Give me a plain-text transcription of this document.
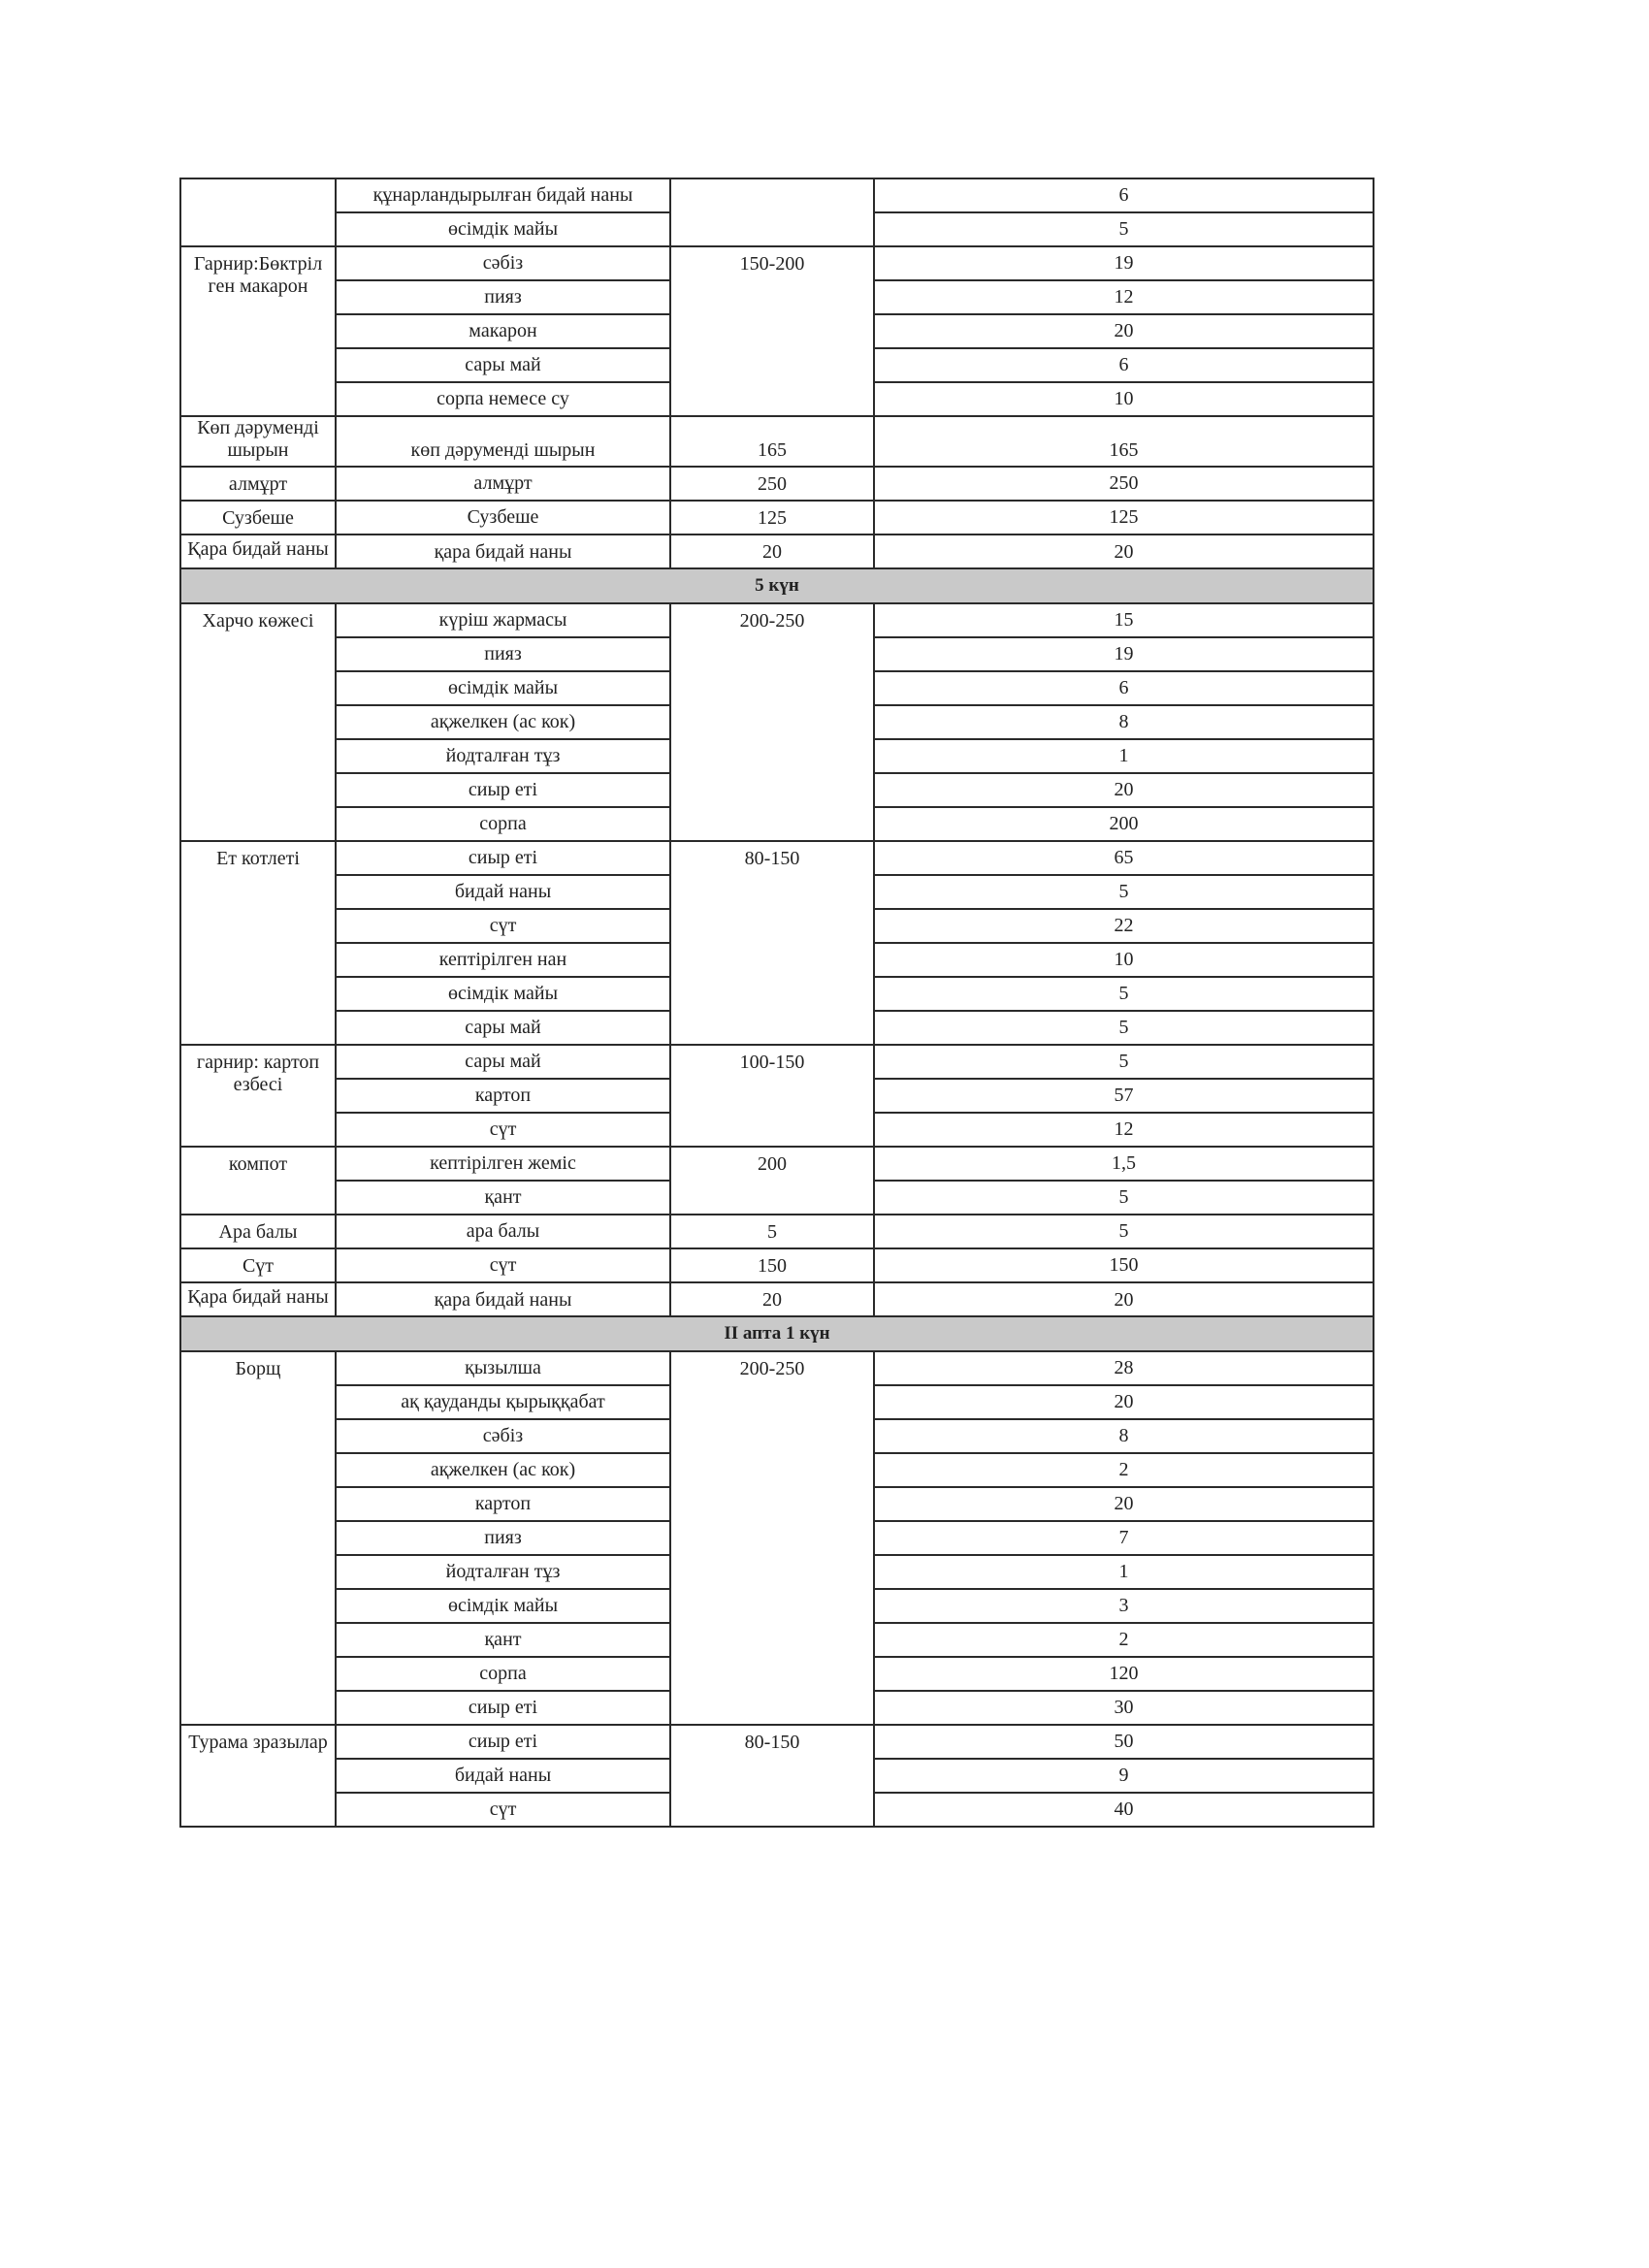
	құнарландырылған бидай наны		6
	өсімдік майы		5
Гарнир:Бөктріл ген макарон	сәбіз	150-200	19
	пияз		12
	макарон		20
	сары май		6
	сорпа немесе су		10
Көп дәрумендi шырын	көп дәрумендi шырын	165	165
алмұрт	алмұрт	250	250
Сузбеше	Сузбеше	125	125
Қара бидай наны	қара бидай наны	20	20
5 күн			
Харчо көжесі	күріш жармасы	200-250	15
	пияз		19
	өсімдік майы		6
	ақжелкен (ас кок)		8
	йодталған тұз		1
	сиыр еті		20
	сорпа		200
Ет котлеті	сиыр еті	80-150	65
	бидай наны		5
	сүт		22
	кептірілген нан		10
	өсімдік майы		5
	сары май		5
гарнир: картоп езбесі	сары май	100-150	5
	картоп		57
	сүт		12
компот	кептірілген жеміс	200	1,5
	қант		5
Ара балы	ара балы	5	5
Сүт	сүт	150	150
Қара бидай наны	қара бидай наны	20	20
ІІ апта 1 күн			
Борщ	қызылша	200-250	28
	ақ қауданды қырыққабат		20
	сәбіз		8
	ақжелкен (ас кок)		2
	картоп		20
	пияз		7
	йодталған тұз		1
	өсімдік майы		3
	қант		2
	сорпа		120
	сиыр еті		30
Турама зразылар	сиыр еті	80-150	50
	бидай наны		9
	сүт		40
